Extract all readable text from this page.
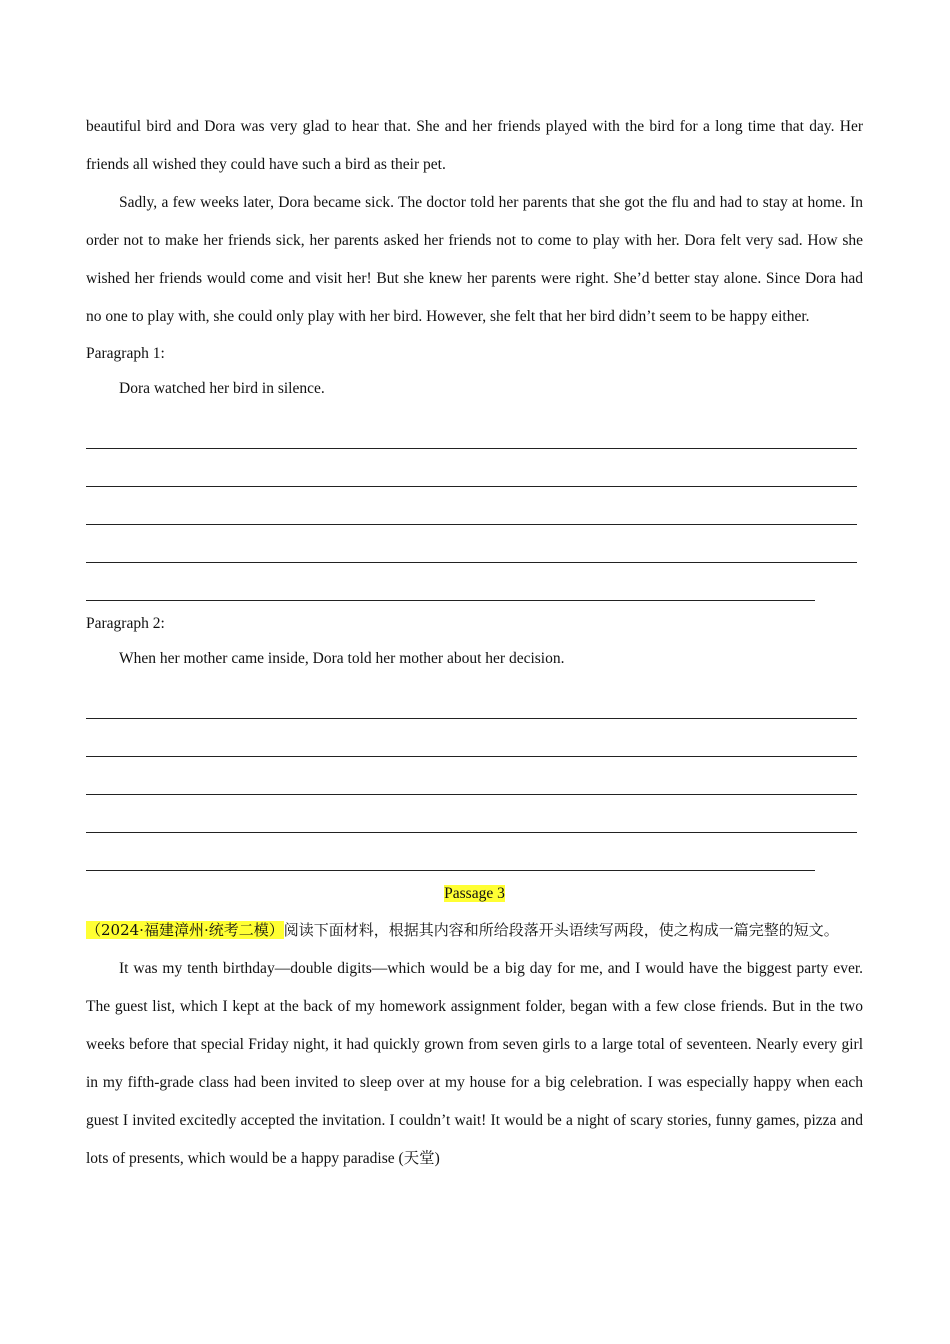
beautiful bird and Dora was very glad to hear that. She and her friends played with the bird for a long time that day. Her friends all wished they could have such a bird as their pet.

Sadly, a few weeks later, Dora became sick. The doctor told her parents that she got the flu and had to stay at home. In order not to make her friends sick, her parents asked her friends not to come to play with her. Dora felt very sad. How she wished her friends would come and visit her! But she knew her parents were right. She’d better stay alone. Since Dora had no one to play with, she could only play with her bird. However, she felt that her bird didn’t seem to be happy either.

Paragraph 1:

Dora watched her bird in silence.

Paragraph 2:

When her mother came inside, Dora told her mother about her decision.

Passage 3

（2024·福建漳州·统考二模）阅读下面材料，根据其内容和所给段落开头语续写两段，使之构成一篇完整的短文。

It was my tenth birthday—double digits—which would be a big day for me, and I would have the biggest party ever. The guest list, which I kept at the back of my homework assignment folder, began with a few close friends. But in the two weeks before that special Friday night, it had quickly grown from seven girls to a large total of seventeen. Nearly every girl in my fifth-grade class had been invited to sleep over at my house for a big celebration. I was especially happy when each guest I invited excitedly accepted the invitation. I couldn’t wait! It would be a night of scary stories, funny games, pizza and lots of presents, which would be a happy paradise (天堂)
